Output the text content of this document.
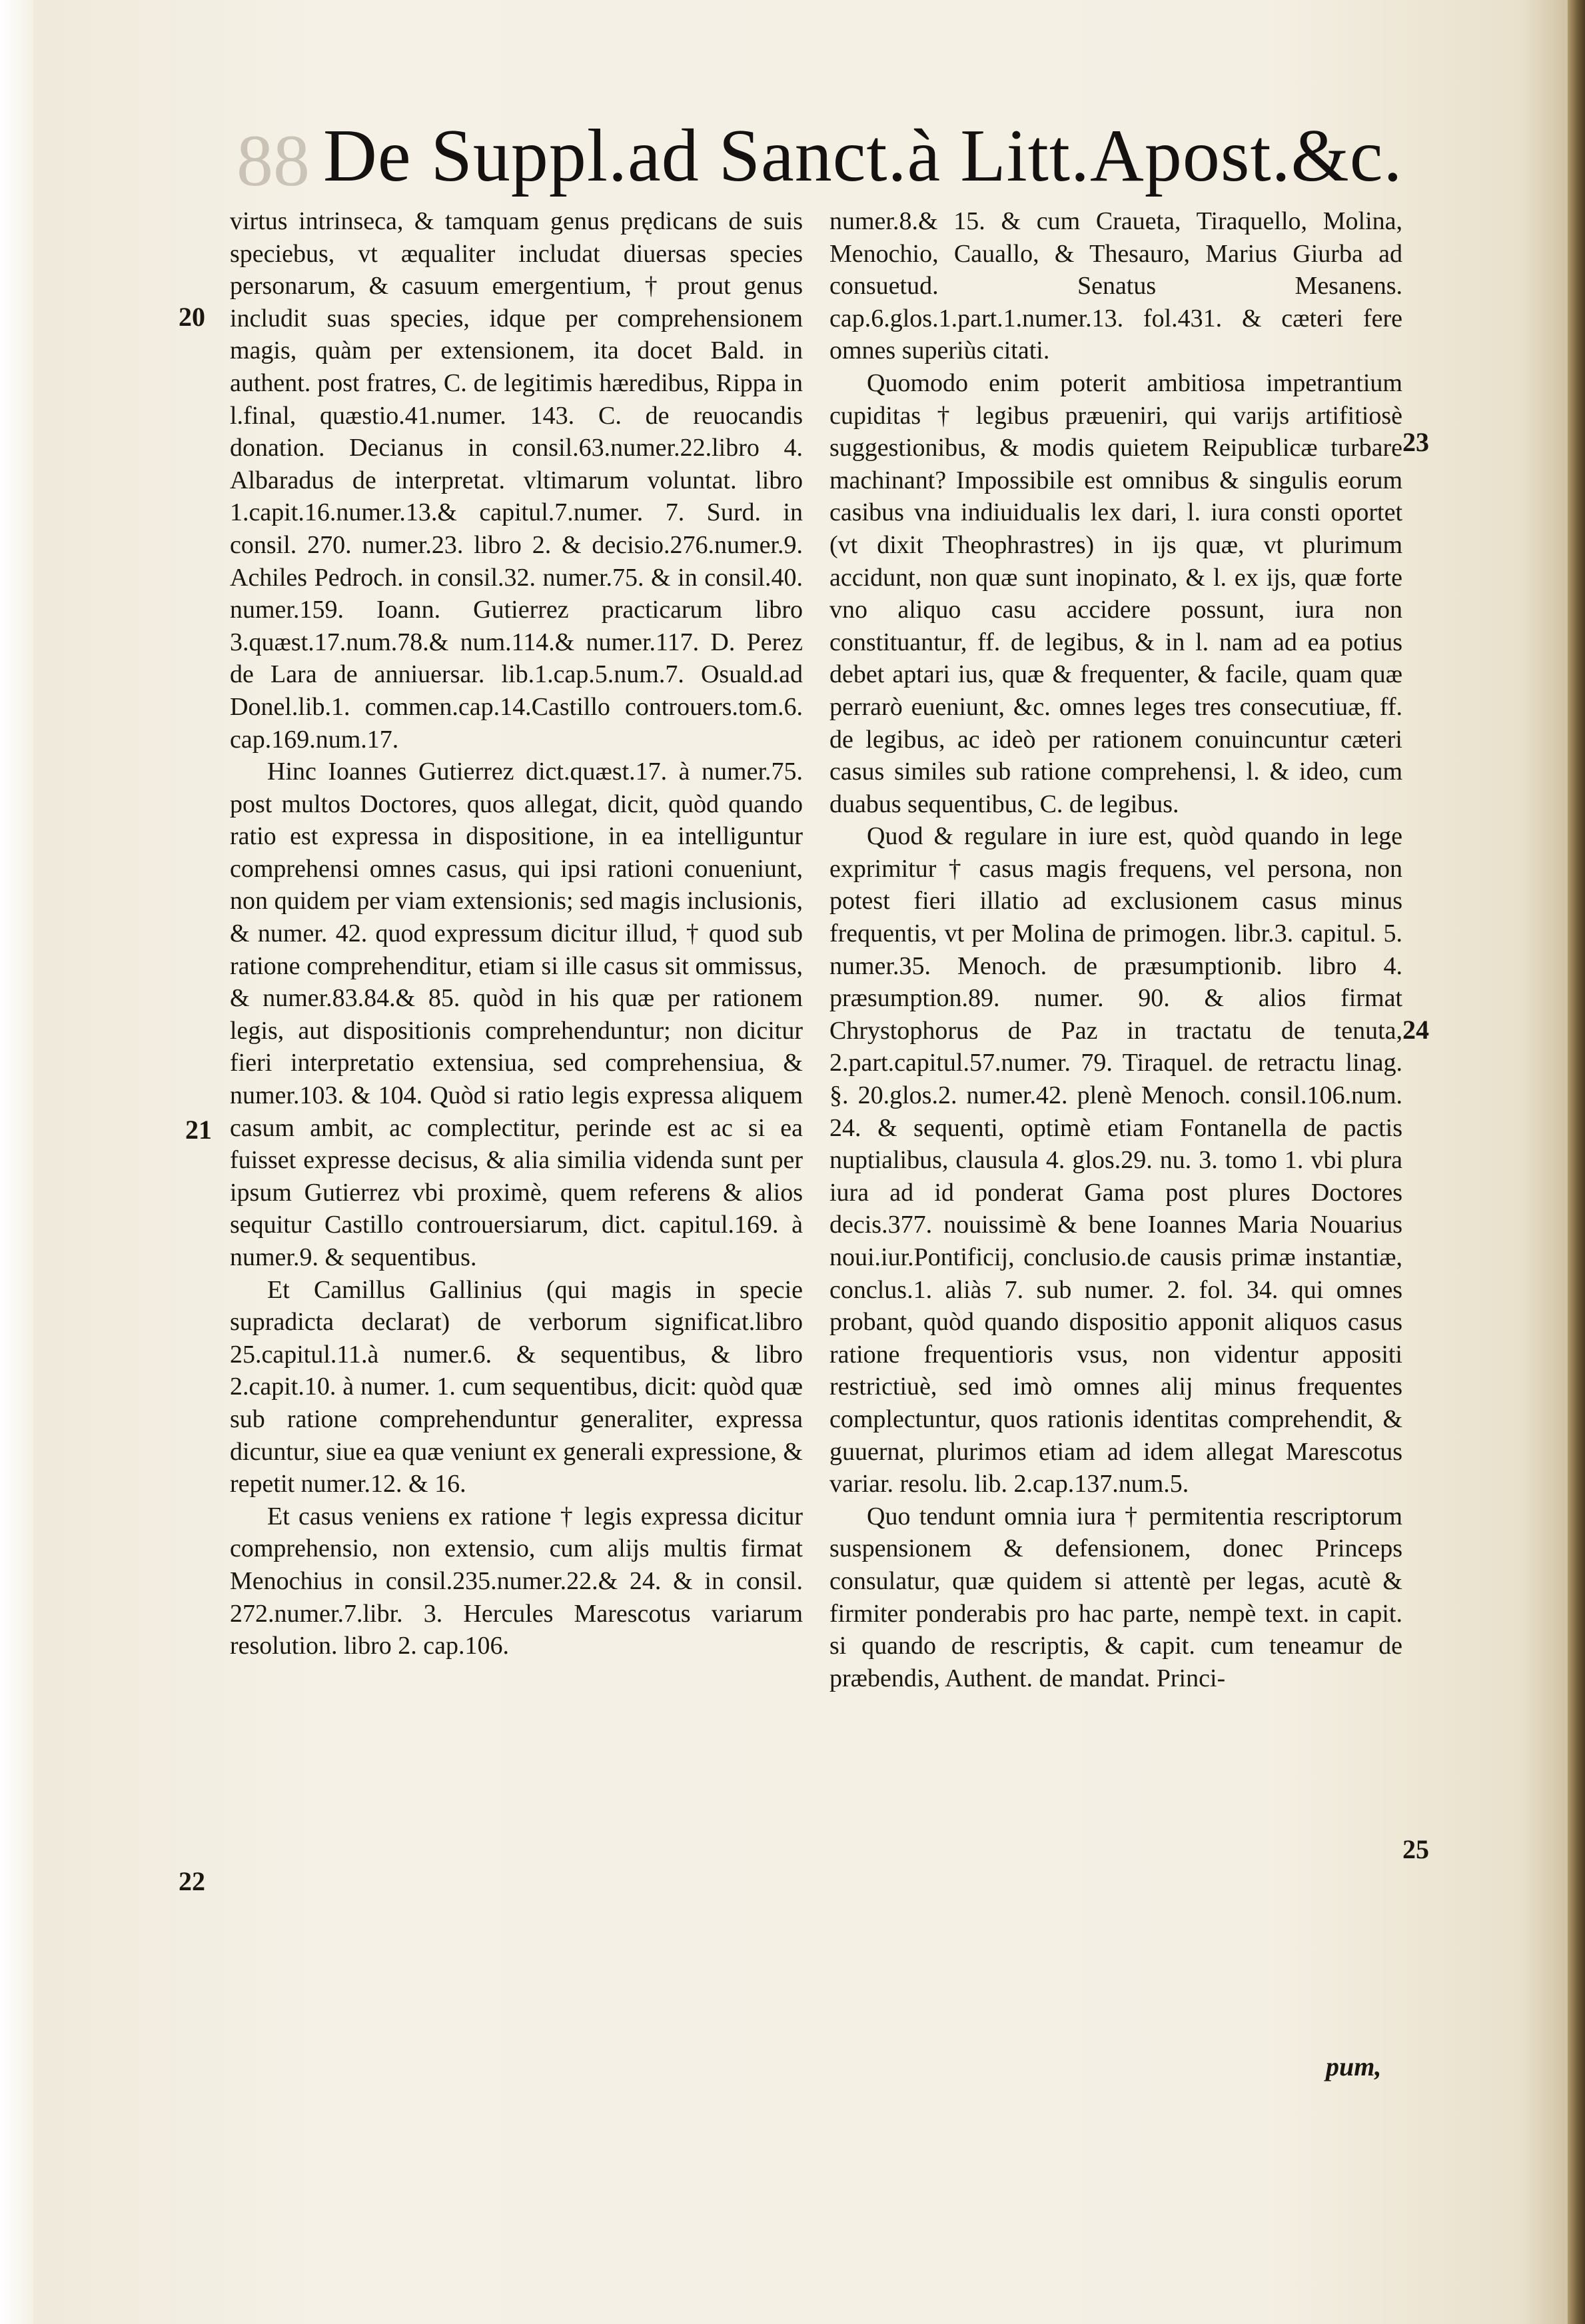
88 De Suppl.ad Sanct.à Litt.Apost.&c.

virtus intrinseca, & tamquam genus prędicans de suis speciebus, vt æqualiter includat diuersas species personarum, & casuum emergentium, † prout genus includit suas species, idque per comprehensionem magis, quàm per extensionem, ita docet Bald. in authent. post fratres, C. de legitimis hæredibus, Rippa in l.final, quæstio.41.numer. 143. C. de reuocandis donation. Decianus in consil.63.numer.22.libro 4. Albaradus de interpretat. vltimarum voluntat. libro 1.capit.16.numer.13.& capitul.7.numer. 7. Surd. in consil. 270. numer.23. libro 2. & decisio.276.numer.9. Achiles Pedroch. in consil.32. numer.75. & in consil.40. numer.159. Ioann. Gutierrez practicarum libro 3.quæst.17.num.78.& num.114.& numer.117. D. Perez de Lara de anniuersar. lib.1.cap.5.num.7. Osuald.ad Donel.lib.1. commen.cap.14.Castillo controuers.tom.6. cap.169.num.17.

Hinc Ioannes Gutierrez dict.quæst.17. à numer.75. post multos Doctores, quos allegat, dicit, quòd quando ratio est expressa in dispositione, in ea intelliguntur comprehensi omnes casus, qui ipsi rationi conueniunt, non quidem per viam extensionis; sed magis inclusionis, & numer. 42. quod expressum dicitur illud, † quod sub ratione comprehenditur, etiam si ille casus sit ommissus, & numer.83.84.& 85. quòd in his quæ per rationem legis, aut dispositionis comprehenduntur; non dicitur fieri interpretatio extensiua, sed comprehensiua, & numer.103. & 104. Quòd si ratio legis expressa aliquem casum ambit, ac complectitur, perinde est ac si ea fuisset expresse decisus, & alia similia videnda sunt per ipsum Gutierrez vbi proximè, quem referens & alios sequitur Castillo controuersiarum, dict. capitul.169. à numer.9. & sequentibus.

Et Camillus Gallinius (qui magis in specie supradicta declarat) de verborum significat.libro 25.capitul.11.à numer.6. & sequentibus, & libro 2.capit.10. à numer. 1. cum sequentibus, dicit: quòd quæ sub ratione comprehenduntur generaliter, expressa dicuntur, siue ea quæ veniunt ex generali expressione, & repetit numer.12. & 16.

Et casus veniens ex ratione † legis expressa dicitur comprehensio, non extensio, cum alijs multis firmat Menochius in consil.235.numer.22.& 24. & in consil. 272.numer.7.libr. 3. Hercules Marescotus variarum resolution. libro 2. cap.106.

20
21
22

numer.8.& 15. & cum Craueta, Tiraquello, Molina, Menochio, Cauallo, & Thesauro, Marius Giurba ad consuetud. Senatus Mesanens. cap.6.glos.1.part.1.numer.13. fol.431. & cæteri fere omnes superiùs citati.

Quomodo enim poterit ambitiosa impetrantium cupiditas † legibus præueniri, qui varijs artifitiosè suggestionibus, & modis quietem Reipublicæ turbare machinant? Impossibile est omnibus & singulis eorum casibus vna indiuidualis lex dari, l. iura consti oportet (vt dixit Theophrastres) in ijs quæ, vt plurimum accidunt, non quæ sunt inopinato, & l. ex ijs, quæ forte vno aliquo casu accidere possunt, iura non constituantur, ff. de legibus, & in l. nam ad ea potius debet aptari ius, quæ & frequenter, & facile, quam quæ perrarò eueniunt, &c. omnes leges tres consecutiuæ, ff. de legibus, ac ideò per rationem conuincuntur cæteri casus similes sub ratione comprehensi, l. & ideo, cum duabus sequentibus, C. de legibus.

Quod & regulare in iure est, quòd quando in lege exprimitur † casus magis frequens, vel persona, non potest fieri illatio ad exclusionem casus minus frequentis, vt per Molina de primogen. libr.3. capitul. 5. numer.35. Menoch. de præsumptionib. libro 4. præsumption.89. numer. 90. & alios firmat Chrystophorus de Paz in tractatu de tenuta, 2.part.capitul.57.numer. 79. Tiraquel. de retractu linag. §. 20.glos.2. numer.42. plenè Menoch. consil.106.num. 24. & sequenti, optimè etiam Fontanella de pactis nuptialibus, clausula 4. glos.29. nu. 3. tomo 1. vbi plura iura ad id ponderat Gama post plures Doctores decis.377. nouissimè & bene Ioannes Maria Nouarius noui.iur.Pontificij, conclusio.de causis primæ instantiæ, conclus.1. aliàs 7. sub numer. 2. fol. 34. qui omnes probant, quòd quando dispositio apponit aliquos casus ratione frequentioris vsus, non videntur appositi restrictiuè, sed imò omnes alij minus frequentes complectuntur, quos rationis identitas comprehendit, & guuernat, plurimos etiam ad idem allegat Marescotus variar. resolu. lib. 2.cap.137.num.5.

Quo tendunt omnia iura † permitentia rescriptorum suspensionem & defensionem, donec Princeps consulatur, quæ quidem si attentè per legas, acutè & firmiter ponderabis pro hac parte, nempè text. in capit. si quando de rescriptis, & capit. cum teneamur de præbendis, Authent. de mandat. Princi-

23
24
25
pum,
